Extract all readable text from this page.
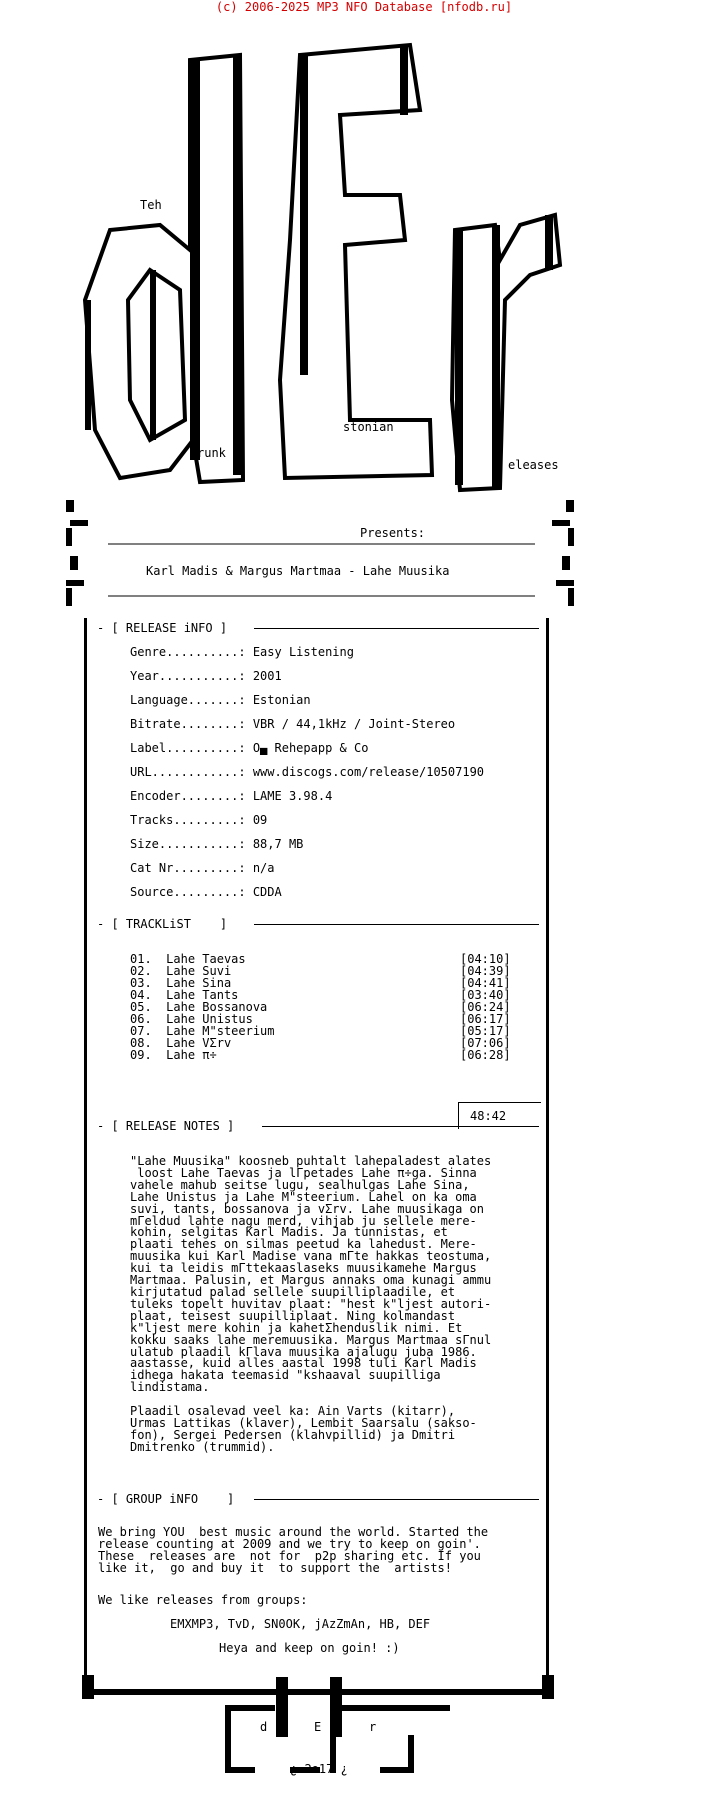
(c) 2006-2025 MP3 NFO Database [nfodb.ru]
Teh
runk
stonian
eleases
Presents:
Karl Madis & Margus Martmaa - Lahe Muusika
- [ RELEASE iNFO ]
Genre..........: Easy Listening
Year...........: 2001
Language.......: Estonian
Bitrate........: VBR / 44,1kHz / Joint-Stereo
Label..........: O▄ Rehepapp & Co
URL............: www.discogs.com/release/10507190
Encoder........: LAME 3.98.4
Tracks.........: 09
Size...........: 88,7 MB
Cat Nr.........: n/a
Source.........: CDDA
- [ TRACKLiST    ]
01. Lahe Taevas	[04:10]
02. Lahe Suvi	[04:39]
03. Lahe Sina	[04:41]
04. Lahe Tants	[03:40]
05. Lahe Bossanova	[06:24]
06. Lahe Unistus	[06:17]
07. Lahe M"steerium	[05:17]
08. Lahe VΣrv	[07:06]
09. Lahe π÷	[06:28]
48:42
- [ RELEASE NOTES ]
"Lahe Muusika" koosneb puhtalt lahepaladest alates
loost Lahe Taevas ja lΓpetades Lahe π÷ga. Sinna
vahele mahub seitse lugu, sealhulgas Lahe Sina,
Lahe Unistus ja Lahe M"steerium. Lahel on ka oma
suvi, tants, bossanova ja vΣrv. Lahe muusikaga on
mΓeldud lahte nagu merd, vihjab ju sellele mere-
kohin, selgitas Karl Madis. Ja tunnistas, et
plaati tehes on silmas peetud ka lahedust. Mere-
muusika kui Karl Madise vana mΓte hakkas teostuma,
kui ta leidis mΓttekaaslaseks muusikamehe Margus
Martmaa. Palusin, et Margus annaks oma kunagi ammu
kirjutatud palad sellele suupilliplaadile, et
tuleks topelt huvitav plaat: "hest k"ljest autori-
plaat, teisest suupilliplaat. Ning kolmandast
k"ljest mere kohin ja kahetΣhenduslik nimi. Et
kokku saaks lahe meremuusika. Margus Martmaa sΓnul
ulatub plaadil kΓlava muusika ajalugu juba 1986.
aastasse, kuid alles aastal 1998 tuli Karl Madis
idhega hakata teemasid "kshaaval suupilliga
lindistama.

Plaadil osalevad veel ka: Ain Varts (kitarr),
Urmas Lattikas (klaver), Lembit Saarsalu (sakso-
fon), Sergei Pedersen (klahvpillid) ja Dmitri
Dmitrenko (trummid).
- [ GROUP iNFO    ]
We bring YOU  best music around the world. Started the
release counting at 2009 and we try to keep on goin'.
These  releases are  not for  p2p sharing etc. If you
like it,  go and buy it  to support the  artists!
We like releases from groups:
EMXMP3, TvD, SN0OK, jAzZmAn, HB, DEF
Heya and keep on goin! :)
d	E	r
¿ 2o17 ¿
